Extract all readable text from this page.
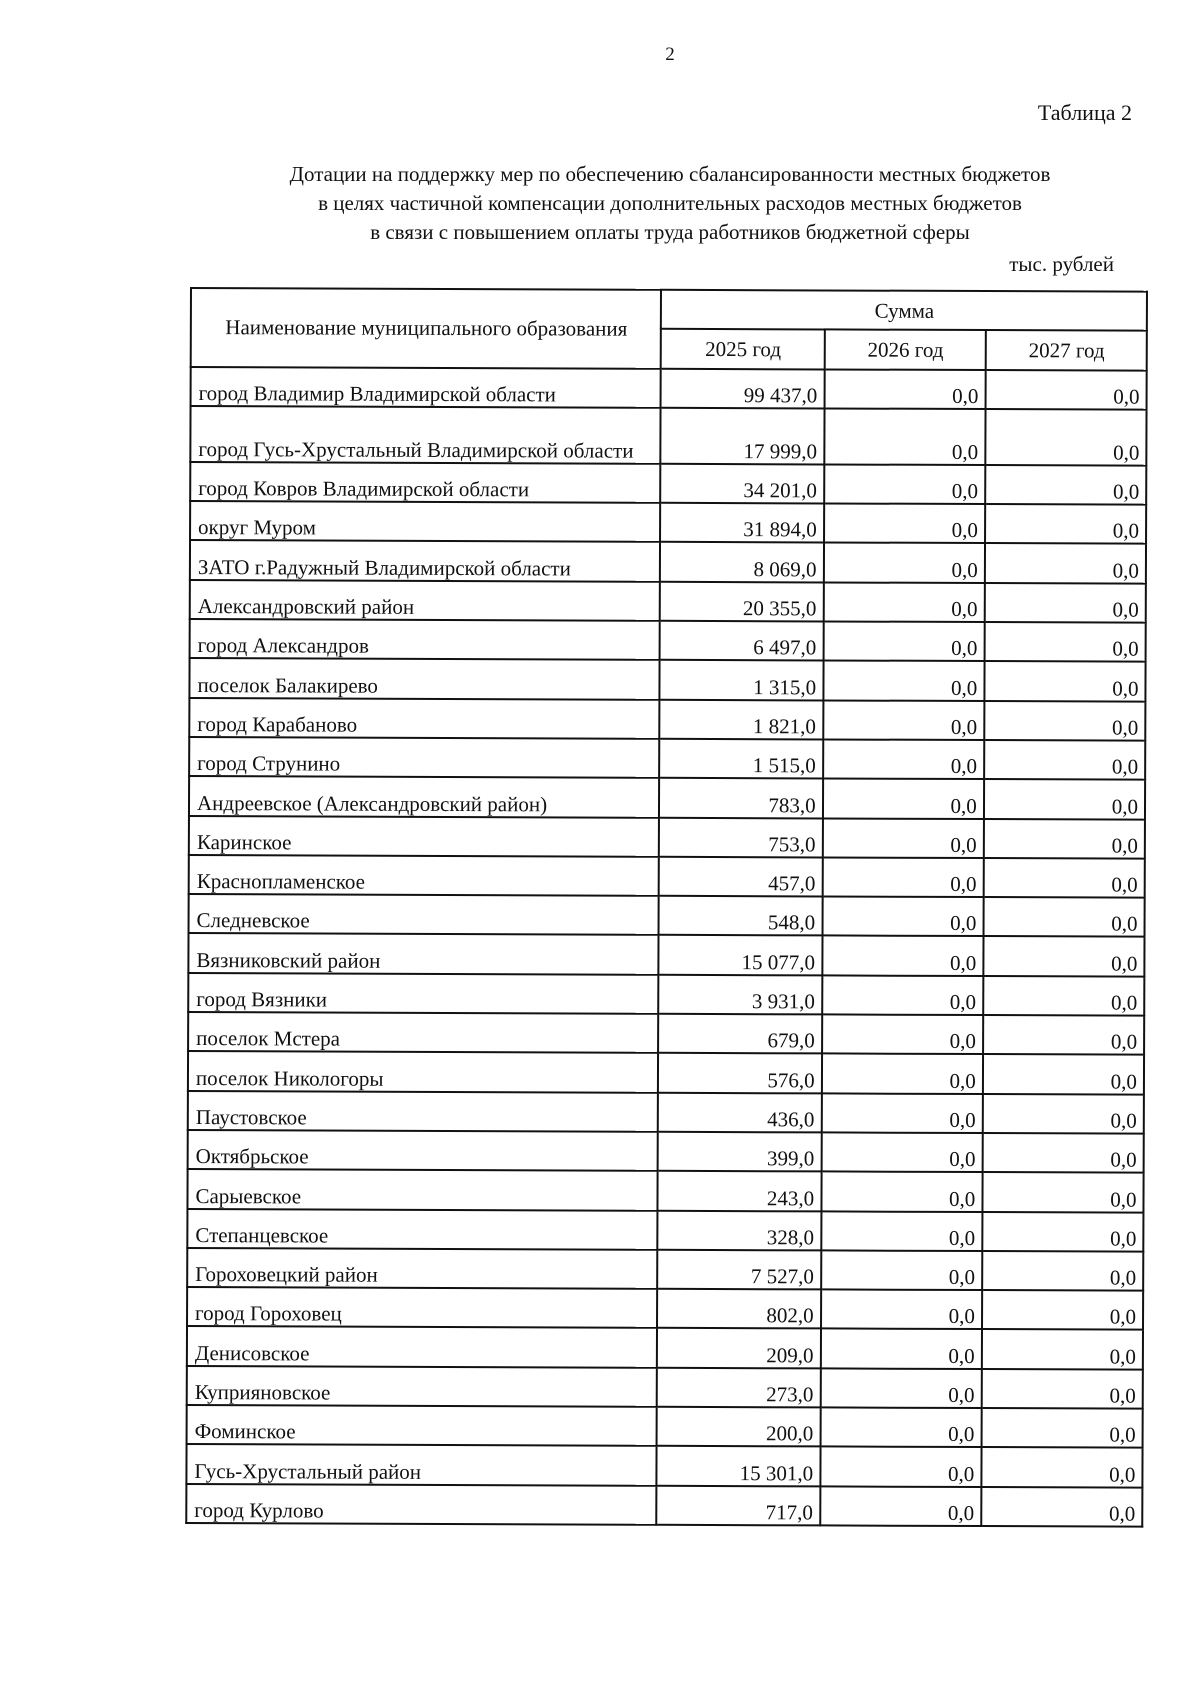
2
Таблица 2
Дотации на поддержку мер по обеспечению сбалансированности местных бюджетов
в целях частичной компенсации дополнительных расходов местных бюджетов
в связи с повышением оплаты труда работников бюджетной сферы
тыс. рублей
Наименование муниципального образования	Сумма		
	2025 год	2026 год	2027 год
город Владимир Владимирской области	99 437,0	0,0	0,0
город Гусь-Хрустальный Владимирской области	17 999,0	0,0	0,0
город Ковров Владимирской области	34 201,0	0,0	0,0
округ Муром	31 894,0	0,0	0,0
ЗАТО г.Радужный Владимирской области	8 069,0	0,0	0,0
Александровский район	20 355,0	0,0	0,0
город Александров	6 497,0	0,0	0,0
поселок Балакирево	1 315,0	0,0	0,0
город Карабаново	1 821,0	0,0	0,0
город Струнино	1 515,0	0,0	0,0
Андреевское (Александровский район)	783,0	0,0	0,0
Каринское	753,0	0,0	0,0
Краснопламенское	457,0	0,0	0,0
Следневское	548,0	0,0	0,0
Вязниковский район	15 077,0	0,0	0,0
город Вязники	3 931,0	0,0	0,0
поселок Мстера	679,0	0,0	0,0
поселок Никологоры	576,0	0,0	0,0
Паустовское	436,0	0,0	0,0
Октябрьское	399,0	0,0	0,0
Сарыевское	243,0	0,0	0,0
Степанцевское	328,0	0,0	0,0
Гороховецкий район	7 527,0	0,0	0,0
город Гороховец	802,0	0,0	0,0
Денисовское	209,0	0,0	0,0
Куприяновское	273,0	0,0	0,0
Фоминское	200,0	0,0	0,0
Гусь-Хрустальный район	15 301,0	0,0	0,0
город Курлово	717,0	0,0	0,0
